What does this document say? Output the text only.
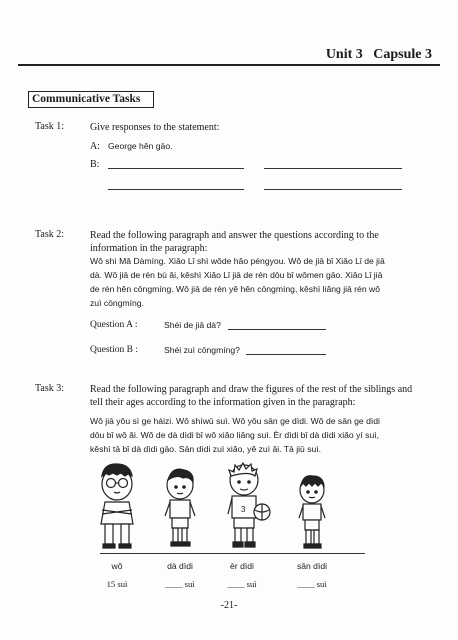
Unit 3   Capsule 3
Communicative Tasks
Task 1:	Give responses to the statement:
A: George hěn gāo.
B:
Task 2:	Read the following paragraph and answer the questions according to the information in the paragraph:
Wǒ shì Mǎ Dàmíng. Xiǎo Lǐ shì wǒde hǎo péngyou. Wǒ de jiā bǐ Xiǎo Lǐ de jiā
dà. Wǒ jiā de rén bù ǎi, kěshì Xiǎo Lǐ jiā de rén dōu bǐ wǒmen gāo. Xiǎo Lǐ jiā
de rén hěn cōngmíng. Wǒ jiā de rén yě hěn cōngmíng, kěshì liǎng jiā rén wǒ
zuì cōngmíng.
Question A :	Shéi de jiā dà?
Question B :	Shéi zuì cōngmíng?
Task 3:	Read the following paragraph and draw the figures of the rest of the siblings and tell their ages according to the information given in the paragraph:
Wǒ jiā yǒu sì ge háizi. Wǒ shíwǔ suì. Wǒ yǒu sān ge dìdi. Wǒ de sān ge dìdi
dōu bǐ wǒ ǎi. Wǒ de dà dìdi bǐ wǒ xiǎo liǎng suì. Èr dìdi bǐ dà dìdi xiǎo yí suì,
kěshì tā bǐ dà dìdi gāo. Sān dìdi zuì xiǎo, yě zuì ǎi. Tā jiǔ suì.
3
wǒ	dà dìdi	èr dìdi	sān dìdi
15 suì	____ suì	____ suì	____ suì
-21-
